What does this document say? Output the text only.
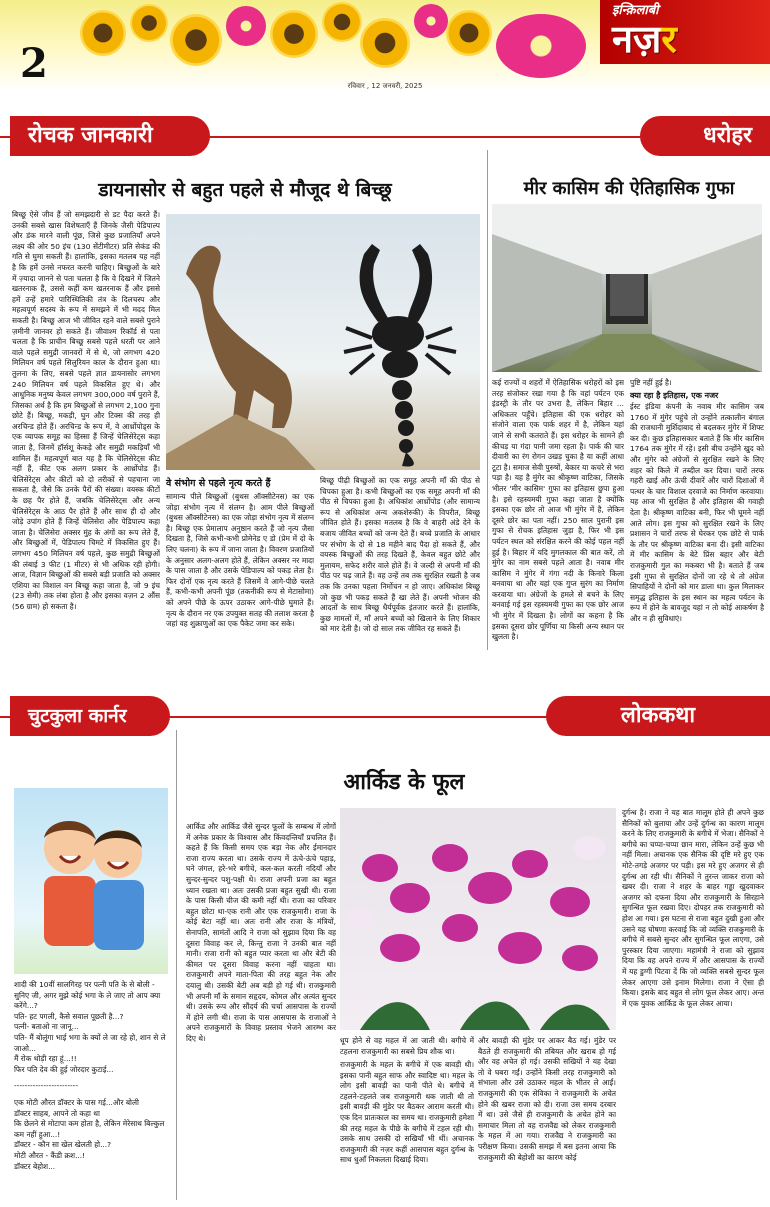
2
इन्क़िलाबी
नज़र
रविवार , 12 जनवरी, 2025
रोचक जानकारी	धरोहर
डायनासोर से बहुत पहले से मौजूद थे बिच्छू
बिच्छू ऐसे जीव हैं जो समझदारी से डट पैदा करते हैं। उनकी सबसे खास विशेषताएँ हैं जिनके जैसी पेडिपाल्प और डंक मारने वाली पूंछ, जिसे कुछ प्रजातियाँ अपने लक्ष्य की ओर 50 इंच (130 सेंटीमीटर) प्रति सेकंड की गति से घुमा सकती हैं। हालांकि, इसका मतलब यह नहीं है कि हमें उनसे नफरत करनी चाहिए। बिच्छुओं के बारे में ज़्यादा जानने से पता चलता है कि वे दिखने में जितने खतरनाक हैं, उससे कहीं कम खतरनाक हैं और इससे हमें उन्हें हमारे पारिस्थितिकी तंत्र के दिलचस्प और महत्वपूर्ण सदस्य के रूप में समझने में भी मदद मिल सकती है। बिच्छू आज भी जीवित रहने वाले सबसे पुराने ज़मीनी जानवर हो सकते हैं। जीवाश्म रिकॉर्ड से पता चलता है कि प्राचीन बिच्छू सबसे पहले धरती पर आने वाले पहले समुद्री जानवरों में से थे, जो लगभग 420 मिलियन वर्ष पहले सिलुरियन काल के दौरान हुआ था। तुलना के लिए, सबसे पहले ज्ञात डायनासोर लगभग 240 मिलियन वर्ष पहले विकसित हुए थे। और आधुनिक मनुष्य केवल लगभग 300,000 वर्ष पुराने हैं, जिसका अर्थ है कि हम बिच्छुओं से लगभग 2,100 गुना छोटे हैं। बिच्छू, मकड़ी, घुन और टिक्स की तरह ही अरचिन्ड होते हैं। अरचिन्ड के रूप में, वे आर्थ्रोपोड्स के एक व्यापक समूह का हिस्सा हैं जिन्हें चेलिसेरेट्स कहा जाता है, जिनमें हॉर्सशू केकड़े और समुद्री मकड़ियाँ भी शामिल हैं। महत्वपूर्ण बात यह है कि चेलिसेरेट्स कीट नहीं हैं, कीट एक अलग प्रकार के आर्थ्रोपोड हैं। चेलिसेरेट्स और कीटों को दो तरीकों से पहचाना जा सकता है, जैसे कि उनके पैरों की संख्या। वयस्क कीटों के छह पैर होते हैं, जबकि चेलिसेरेट्स और अन्य चेलिसेरेट्स के आठ पैर होते हैं और साथ ही दो और जोड़े उपांग होते हैं जिन्हें चेलिसेरा और पेडिपाल्प कहा जाता है। चेलिसेरा अक्सर मुंह के अंगों का रूप लेते हैं, और बिच्छुओं में, पेडिपाल्प चिमटे में विकसित हुए हैं। लगभग 450 मिलियन वर्ष पहले, कुछ समुद्री बिच्छुओं की लंबाई 3 फीट (1 मीटर) से भी अधिक रही होगी। आज, विज्ञान बिच्छुओं की सबसे बड़ी प्रजाति को अक्सर एशिया का विशाल वन बिच्छू कहा जाता है, जो 9 इंच (23 सेमी) तक लंबा होता है और इसका वज़न 2 औंस (56 ग्राम) हो सकता है।
वे संभोग से पहले नृत्य करते हैं
सामान्य पीले बिच्छुओं (बुथस ऑक्सीटेनस) का एक जोड़ा संभोग नृत्य में संलग्न है। आम पीले बिच्छुओं (बुथस ऑक्सीटेनस) का एक जोड़ा संभोग नृत्य में संलग्न है। बिच्छू एक प्रेमालाप अनुष्ठान करते हैं जो नृत्य जैसा दिखता है, जिसे कभी-कभी प्रोमेनेड ए डो (प्रेम में दो के लिए चलना) के रूप में जाना जाता है। विवरण प्रजातियों के अनुसार अलग-अलग होते हैं, लेकिन अक्सर नर मादा के पास जाता है और उसके पेडिपाल्प को पकड़ लेता है। फिर दोनों एक नृत्य करते हैं जिसमें वे आगे-पीछे चलते हैं, कभी-कभी अपनी पूंछ (तकनीकी रूप से मेटासोमा) को अपने पीछे के ऊपर उठाकर आगे-पीछे घुमाते हैं। नृत्य के दौरान नर एक उपयुक्त सतह की तलाश करता है जहां वह शुक्राणुओं का एक पैकेट जमा कर सके।
बिच्छू पीढ़ी बिच्छुओं का एक समूह अपनी माँ की पीठ से चिपका हुआ है। कभी बिच्छुओं का एक समूह अपनी माँ की पीठ से चिपका हुआ है। अधिकांश आर्थ्रोपोड (और सामान्य रूप से अधिकांश अन्य अकशेरुकी) के विपरीत, बिच्छू जीवित होते हैं। इसका मतलब है कि वे बाहरी अंडे देने के बजाय जीवित बच्चों को जन्म देते हैं। बच्चे प्रजाति के आधार पर संभोग के दो से 18 महीने बाद पैदा हो सकते हैं, और वयस्क बिच्छुओं की तरह दिखते हैं, केवल बहुत छोटे और मुलायम, सफेद शरीर वाले होते हैं। वे जल्दी से अपनी माँ की पीठ पर चढ़ जाते हैं। वह उन्हें तब तक सुरक्षित रखती है जब तक कि उनका पहला निर्मोचन न हो जाए। अधिकांश बिच्छू जो कुछ भी पकड़ सकते हैं खा लेते हैं। अपनी भोजन की आदतों के साथ बिच्छू धैर्यपूर्वक इंतजार करते हैं। हालांकि, कुछ मामलों में, माँ अपने बच्चों को खिलाने के लिए शिकार को मार देती है। जो दो साल तक जीवित रह सकते हैं।
मीर कासिम की ऐतिहासिक गुफा
कई राज्यों व शहरों में ऐतिहासिक धरोहरों को इस तरह संजोकर रखा गया है कि वहां पर्यटन एक इंडस्ट्री के तौर पर उभरा है, लेकिन बिहार ... अधिकतर पहुँचे। इतिहास की एक धरोहर को संजोने वाला एक पार्क शहर में है, लेकिन यहां जाने से सभी कतराते हैं। इस धरोहर के सामने ही कीचड़ या गंदा पानी जमा रहता है। पार्क की चार दीवारी का रंग रोगन उखड़ चुका है या कहीं आधा टूटा है। समाज सेवी पुरुषों, बेकार या कचरे से भरा पड़ा है। यह है मुंगेर का श्रीकृष्ण वाटिका, जिसके भीतर 'मीर कासिम' गुफा का इतिहास छुपा हुआ है। इसे रहस्यमयी गुफा कहा जाता है क्योंकि इसका एक छोर तो आज भी मुंगेर में है, लेकिन दूसरे छोर का पता नहीं। 250 साल पुरानी इस गुफा से रोचक इतिहास जुड़ा है, फिर भी इस पर्यटन स्थल को संरक्षित करने की कोई पहल नहीं हुई है। बिहार में यदि मुगलकाल की बात करें, तो मुंगेर का नाम सबसे पहले आता है। नवाब मीर कासिम ने मुंगेर में गंगा नदी के किनारे किला बनवाया था और यहां एक गुप्त सुरंग का निर्माण करवाया था। अंग्रेजों के हमले से बचने के लिए बनवाई गई इस रहस्यमयी गुफा का एक छोर आज भी मुंगेर में दिखता है। लोगों का कहना है कि इसका दूसरा छोर पूर्णिया या किसी अन्य स्थान पर खुलता है।
पुष्टि नहीं हुई है।
क्या रहा है इतिहास, एक नजर
ईस्ट इंडिया कंपनी के नवाब मीर कासिम जब 1760 में मुंगेर पहुंचे तो उन्होंने तत्कालीन बंगाल की राजधानी मुर्शिदाबाद से बदलकर मुंगेर में शिफ्ट कर दी। कुछ इतिहासकार बताते हैं कि मीर कासिम 1764 तक मुंगेर में रहे। इसी बीच उन्होंने खुद को और मुंगेर को अंग्रेजों से सुरक्षित रखने के लिए शहर को किले में तब्दील कर दिया। चारों तरफ गहरी खाई और ऊंची दीवारें और चारों दिशाओं में पत्थर के चार विशाल दरवाजे का निर्माण करवाया। यह आज भी सुरक्षित है और इतिहास की गवाही देता है। श्रीकृष्ण वाटिका बनी, फिर भी घूमने नहीं आते लोग। इस गुफा को सुरक्षित रखने के लिए प्रशासन ने चारों तरफ से घेरकर एक छोटे से पार्क के तौर पर श्रीकृष्ण वाटिका बना दी। इसी वाटिका में मीर कासिम के बेटे प्रिंस बहार और बेटी राजकुमारी गुल का मकबरा भी है। बताते हैं जब इसी गुफा से सुरक्षित दोनों जा रहे थे तो अंग्रेज सिपाहियों ने दोनों को मार डाला था। कुल मिलाकर समृद्ध इतिहास के इस स्थान का महत्व पर्यटन के रूप में होने के बावजूद यहां न तो कोई आकर्षण है और न ही सुविधाएं।
चुटकुला कार्नर	लोककथा
शादी की 10वीं सालगिरह पर पत्नी पति के से बोली -
सुनिए जी, अगर मुझे कोई भगा के ले जाए तो आप क्या करेंगे...?
पति- हट पगली, कैसे सवाल पूछती है...?
पत्नी- बताओ ना जानू...
पति- मैं बोलूंगा भाई भगा के क्यों ले जा रहे हो, शान से ले जाओ...
मैं रोक थोड़ी रहा हूं...!!
फिर पति देव की हुई जोरदार कुटाई...
------------------------
एक मोटी औरत डॉक्टर के पास गई...और बोली
डॉक्टर साहब, आपने तो कहा था
कि छेलने से मोटापा कम होता है, लेकिन मेरेसाथ बिल्कुल कम नहीं हुआ...!
डॉक्टर - कौन सा खेल खेलती हो...?
मोटी औरत - कैंडी क्रश...!
डॉक्टर बेहोश...
आर्किड के फूल
आर्किड और आर्किड जैसे सुन्दर फूलों के सम्बन्ध में लोगों में अनेक प्रकार के विश्वास और किंवदन्तियाँ प्रचलित हैं। कहते हैं कि किसी समय एक बड़ा नेक और ईमानदार राजा राज्य करता था। उसके राज्य में ऊंचे-ऊंचे पहाड़, घने जंगल, हरे-भरे बगीचे, कल-कल करती नदियाँ और सुन्दर-सुन्दर पशु-पक्षी थे। राजा अपनी प्रजा का बहुत ध्यान रखता था। अतः उसकी प्रजा बहुत सुखी थी। राजा के पास किसी चीज की कमी नहीं थी। राजा का परिवार बहुत छोटा था-एक रानी और एक राजकुमारी। राजा के कोई बेटा नहीं था। अतः रानी और राजा के मंत्रियों, सेनापति, सामंतों आदि ने राजा को सुझाव दिया कि वह दूसरा विवाह कर ले, किन्तु राजा ने उनकी बात नहीं मानी। राजा रानी को बहुत प्यार करता था और बेटी की कीमत पर दूसरा विवाह करना नहीं चाहता था। राजकुमारी अपने माता-पिता की तरह बहुत नेक और दयालु थी। उसकी बेटी अब बड़ी हो गई थी। राजकुमारी भी अपनी माँ के समान सहृदय, कोमल और अत्यंत सुन्दर थी। उसके रूप और सौंदर्य की चर्चा आसपास के राज्यों में होने लगी थी। राजा के पास आसपास के राजाओं ने अपने राजकुमारों के विवाह प्रस्ताव भेजने आरम्भ कर दिए थे।	धूप होने से वह महल में आ जाती थी। बगीचे में टहलना राजकुमारी का सबसे प्रिय शौक था।
राजकुमारी के महल के बगीचे में एक बावड़ी थी। इसका पानी बहुत साफ और स्वादिष्ट था। महल के लोग इसी बावड़ी का पानी पीते थे। बगीचे में टहलने-टहलते जब राजकुमारी थक जाती थी तो इसी बावड़ी की मुंडेर पर बैठकर आराम करती थी। एक दिन प्रातःकाल का समय था। राजकुमारी हमेशा की तरह महल के पीछे के बगीचे में टहल रही थी। उसके साथ उसकी दो सखियाँ भी थीं। अचानक राजकुमारी की नज़र कहीं आसपास बहुत दुर्गन्ध के साथ धुआँ निकलता दिखाई दिया।
और बावड़ी की मुंडेर पर आकर बैठ गई। मुंडेर पर बैठते ही राजकुमारी की तबियत और खराब हो गई और वह अचेत हो गई। उसकी सखियों ने यह देखा तो वे घबरा गईं। उन्होंने किसी तरह राजकुमारी को संभाला और उसे उठाकर महल के भीतर ले आईं। राजकुमारी की एक सेविका ने राजकुमारी के अचेत होने की खबर राजा को दी। राजा उस समय दरबार में था। उसे जैसे ही राजकुमारी के अचेत होने का समाचार मिला तो वह राजवैद्य को लेकर राजकुमारी के महल में आ गया। राजवैद्य ने राजकुमारी का परीक्षण किया। उसकी समझ में बस इतना आया कि राजकुमारी की बेहोशी का कारण कोई
दुर्गन्ध है। राजा ने यह बात मालूम होते ही अपने कुछ सैनिकों को बुलाया और उन्हें दुर्गन्ध का कारण मालूम करने के लिए राजकुमारी के बगीचे में भेजा। सैनिकों ने बगीचे का चप्पा-चप्पा छान मारा, लेकिन उन्हें कुछ भी नहीं मिला। अचानक एक सैनिक की दृष्टि मरे हुए एक मोटे-तगड़े अजगर पर पड़ी। इस मरे हुए अजगर से ही दुर्गन्ध आ रही थी। सैनिकों ने तुरन्त जाकर राजा को खबर दी। राजा ने शहर के बाहर गड्ढा खुदवाकर अजगर को दफना दिया और राजकुमारी के सिरहाने सुगन्धित फूल रखवा दिए। दोपहर तक राजकुमारी को होश आ गया। इस घटना से राजा बहुत दुखी हुआ और उसने यह घोषणा करवाई कि जो व्यक्ति राजकुमारी के बगीचे में सबसे सुन्दर और सुगन्धित फूल लाएगा, उसे पुरस्कार दिया जाएगा। महामंत्री ने राजा को सुझाव दिया कि वह अपने राज्य में और आसपास के राज्यों में यह डुग्गी पिटवा दें कि जो व्यक्ति सबसे सुन्दर फूल लेकर आएगा उसे इनाम मिलेगा। राजा ने ऐसा ही किया। इसके बाद बहुत से लोग फूल लेकर आए। अन्त में एक युवक आर्किड के फूल लेकर आया।
